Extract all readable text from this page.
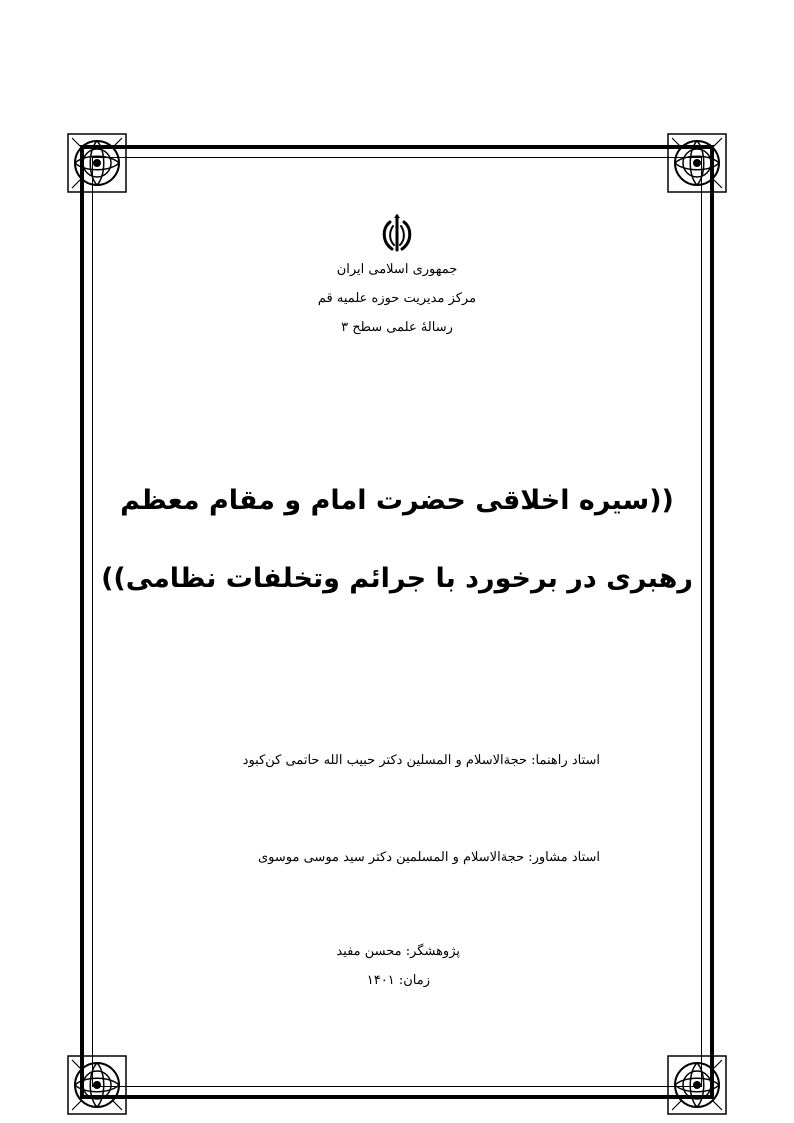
جمهوری اسلامی ایران
مرکز مدیریت حوزه علمیه قم
رسالهٔ علمی سطح ۳
((سیره اخلاقی حضرت امام و مقام معظم
رهبری در برخورد با جرائم وتخلفات نظامی))
استاد راهنما: حجةالاسلام و المسلین دکتر حبیب الله حاتمی کن‌کبود
استاد مشاور: حجةالاسلام و المسلمین دکتر سید موسی موسوی
پژوهشگر: محسن مفید
زمان: ۱۴۰۱
